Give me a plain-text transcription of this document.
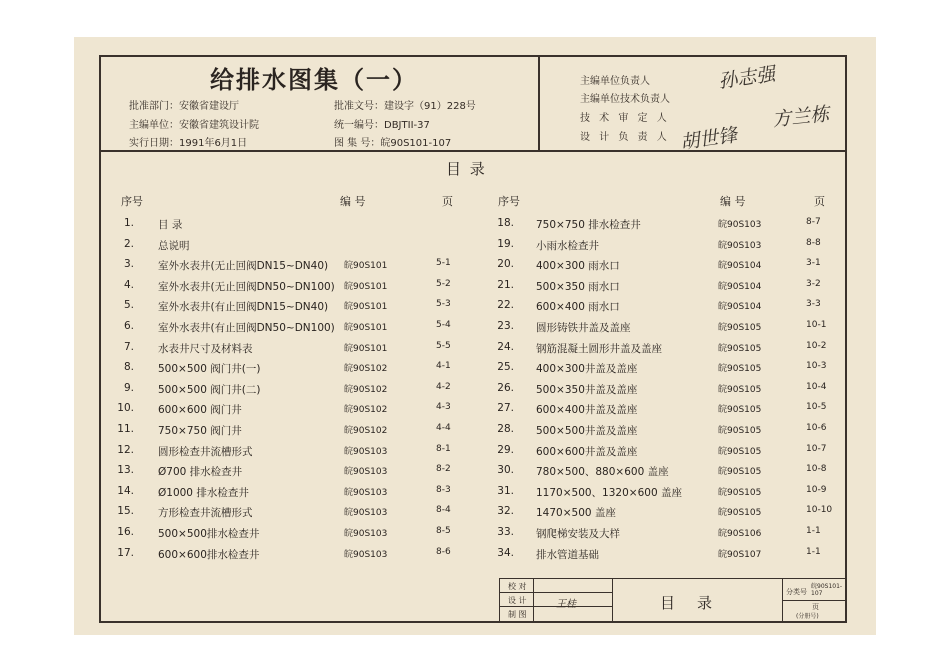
给排水图集（一）
批准部门：安徽省建设厅	批准文号：建设字（91）228号
主编单位：安徽省建筑设计院	统一编号：DBJTII-37
实行日期：1991年6月1日	图 集 号：皖90S101-107
主编单位负责人
主编单位技术负责人
技 术 审 定 人
设 计 负 责 人
孙志强
方兰栋
胡世锋
目 录
序号	编 号	页	序号	编 号	页
1. 目 录
2. 总说明
3. 室外水表井(无止回阀DN15~DN40) 皖90S101	5-1
4. 室外水表井(无止回阀DN50~DN100) 皖90S101	5-2
5. 室外水表井(有止回阀DN15~DN40) 皖90S101	5-3
6. 室外水表井(有止回阀DN50~DN100) 皖90S101	5-4
7. 水表井尺寸及材料表	皖90S101	5-5
8. 500×500 阀门井(一)	皖90S102	4-1
9. 500×500 阀门井(二)	皖90S102	4-2
10. 600×600 阀门井	皖90S102	4-3
11. 750×750 阀门井	皖90S102	4-4
12. 圆形检查井流槽形式	皖90S103	8-1
13. Ø700 排水检查井	皖90S103	8-2
14. Ø1000 排水检查井	皖90S103	8-3
15. 方形检查井流槽形式	皖90S103	8-4
16. 500×500排水检查井	皖90S103	8-5
17. 600×600排水检查井	皖90S103	8-6
18. 750×750 排水检查井	皖90S103	8-7
19. 小雨水检查井	皖90S103	8-8
20. 400×300 雨水口	皖90S104	3-1
21. 500×350 雨水口	皖90S104	3-2
22. 600×400 雨水口	皖90S104	3-3
23. 圆形铸铁井盖及盖座	皖90S105	10-1
24. 钢筋混凝土圆形井盖及盖座	皖90S105	10-2
25. 400×300井盖及盖座	皖90S105	10-3
26. 500×350井盖及盖座	皖90S105	10-4
27. 600×400井盖及盖座	皖90S105	10-5
28. 500×500井盖及盖座	皖90S105	10-6
29. 600×600井盖及盖座	皖90S105	10-7
30. 780×500、880×600 盖座	皖90S105	10-8
31. 1170×500、1320×600 盖座	皖90S105	10-9
32. 1470×500 盖座	皖90S105	10-10
33. 钢爬梯安装及大样	皖90S106	1-1
34. 排水管道基础	皖90S107	1-1
校 对
设 计
制 图
王桂	目录
分类号
皖90S101-107
页
(分册号)
